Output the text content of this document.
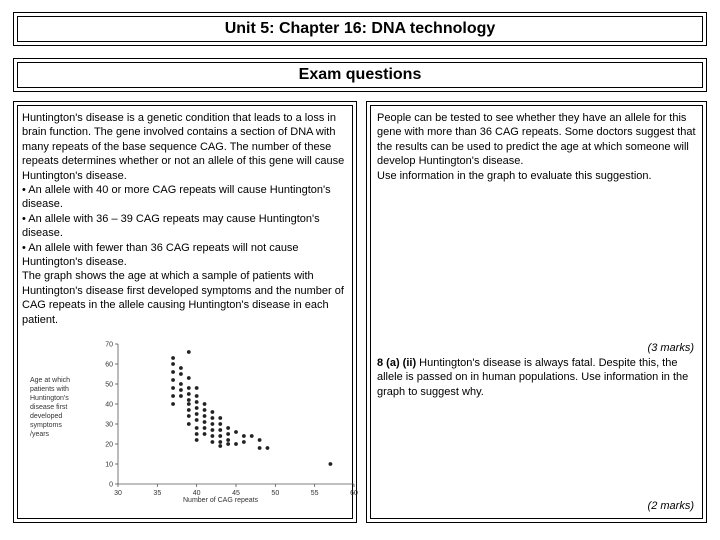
Unit 5: Chapter 16: DNA technology
Exam questions

Huntington's disease is a genetic condition that leads to a loss in brain function. The gene involved contains a section of DNA with many repeats of the base sequence CAG. The number of these repeats determines whether or not an allele of this gene will cause Huntington's disease.

• An allele with 40 or more CAG repeats will cause Huntington's disease.

• An allele with 36 – 39 CAG repeats may cause Huntington's disease.

• An allele with fewer than 36 CAG repeats will not cause Huntington's disease.

The graph shows the age at which a sample of patients with Huntington's disease first developed symptoms and the number of CAG repeats in the allele causing Huntington's disease in each patient.

Age at which
patients with
Huntington's
disease first
developed
symptoms
/years
0
10
20
30
40
50
60
70
30	35	40	45	50	55	60
Number of CAG repeats

People can be tested to see whether they have an allele for this gene with more than 36 CAG repeats. Some doctors suggest that the results can be used to predict the age at which someone will develop Huntington's disease.

Use information in the graph to evaluate this suggestion.

(3 marks)
8 (a) (ii) Huntington's disease is always fatal. Despite this, the allele is passed on in human populations. Use information in the graph to suggest why.
(2 marks)
